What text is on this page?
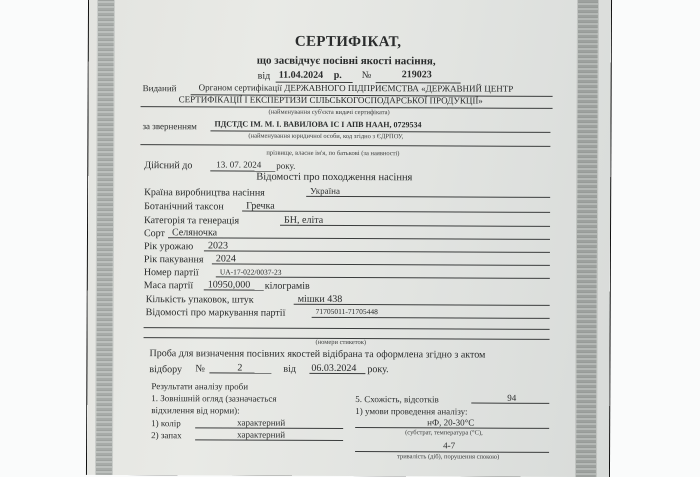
СЕРТИФІКАТ,
що засвідчує посівні якості насіння,
від 11.04.2024 р. №	219023
Виданий Органом сертифікації ДЕРЖАВНОГО ПІДПРИЄМСТВА «ДЕРЖАВНИЙ ЦЕНТР
СЕРТИФІКАЦІЇ І ЕКСПЕРТИЗИ СІЛЬСЬКОГОСПОДАРСЬКОЇ ПРОДУКЦІЇ»
(найменування суб'єкта видачі сертифіката)
за зверненням ПДСТДС ІМ. М. І. ВАВИЛОВА ІС І АПВ НААН, 0729534
(найменування юридичної особи, код згідно з ЄДРПОУ,
прізвище, власне ім'я, по батькові (за наявності)
Дійсний до	13. 07. 2024 року.
Відомості про походження насіння
Країна виробництва насіння	Україна
Ботанічний таксон Гречка
Категорія та генерація	БН, еліта
Сорт Селяночка
Рік урожаю 2023
Рік пакування 2024
Номер партії	UA-17-022/0037-23
Маса партії 10950,000 кілограмів
Кількість упаковок, штук	мішки 438
Відомості про маркування партії	71705011-71705448
(номери стикеток)
Проба для визначення посівних якостей відібрана та оформлена згідно з актом
відбору №	2	від 06.03.2024 року.
Результати аналізу проби
1. Зовнішній огляд (зазначається
відхилення від норми):
1) колір	характерний
2) запах	характерний
5. Схожість, відсотків	94
1) умови проведення аналізу:
нФ, 20-30°С
(субстрат, температура (°С),
4-7
тривалість (діб), порушення спокою)
